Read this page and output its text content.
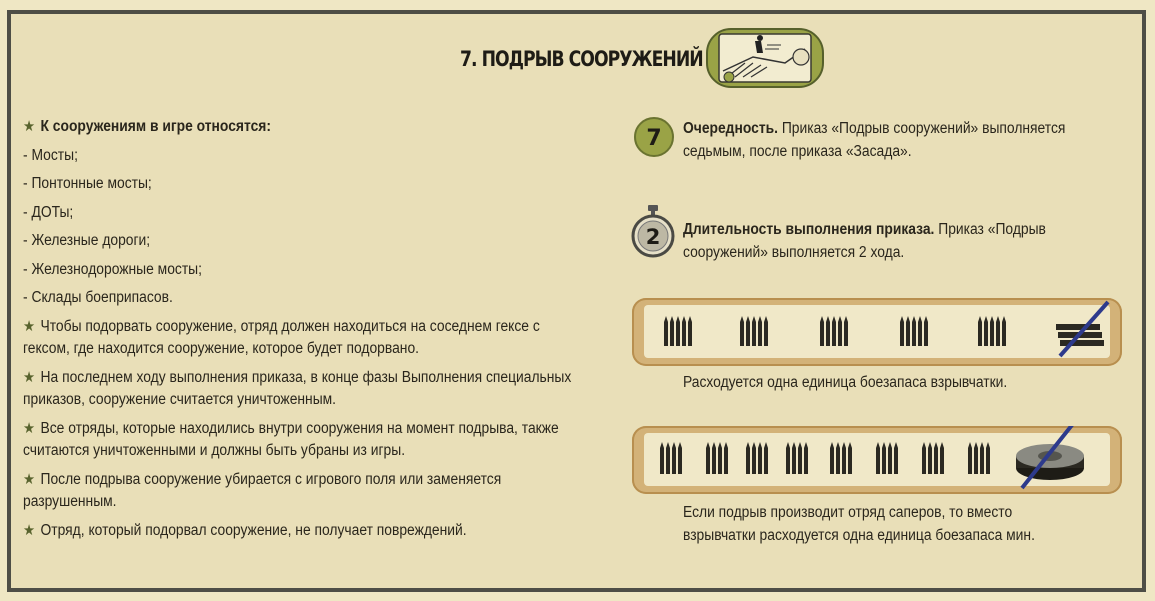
7. ПОДРЫВ СООРУЖЕНИЙ
★ К сооружениям в игре относятся:
- Мосты;
- Понтонные мосты;
- ДОТы;
- Железные дороги;
- Железнодорожные мосты;
- Склады боеприпасов.
★ Чтобы подорвать сооружение, отряд должен находиться на соседнем гексе с гексом, где находится сооружение, которое будет подорвано.
★ На последнем ходу выполнения приказа, в конце фазы Выполнения специальных приказов, сооружение считается уничтоженным.
★ Все отряды, которые находились внутри сооружения на момент подрыва, также считаются уничтоженными и должны быть убраны из игры.
★ После подрыва сооружение убирается с игрового поля или заменяется разрушенным.
★ Отряд, который подорвал сооружение, не получает повреждений.
7 Очередность. Приказ «Подрыв сооружений» выполняется седьмым, после приказа «Засада».
2 Длительность выполнения приказа. Приказ «Подрыв сооружений» выполняется 2 хода.
Расходуется одна единица боезапаса взрывчатки.
Если подрыв производит отряд саперов, то вместо взрывчатки расходуется одна единица боезапаса мин.
